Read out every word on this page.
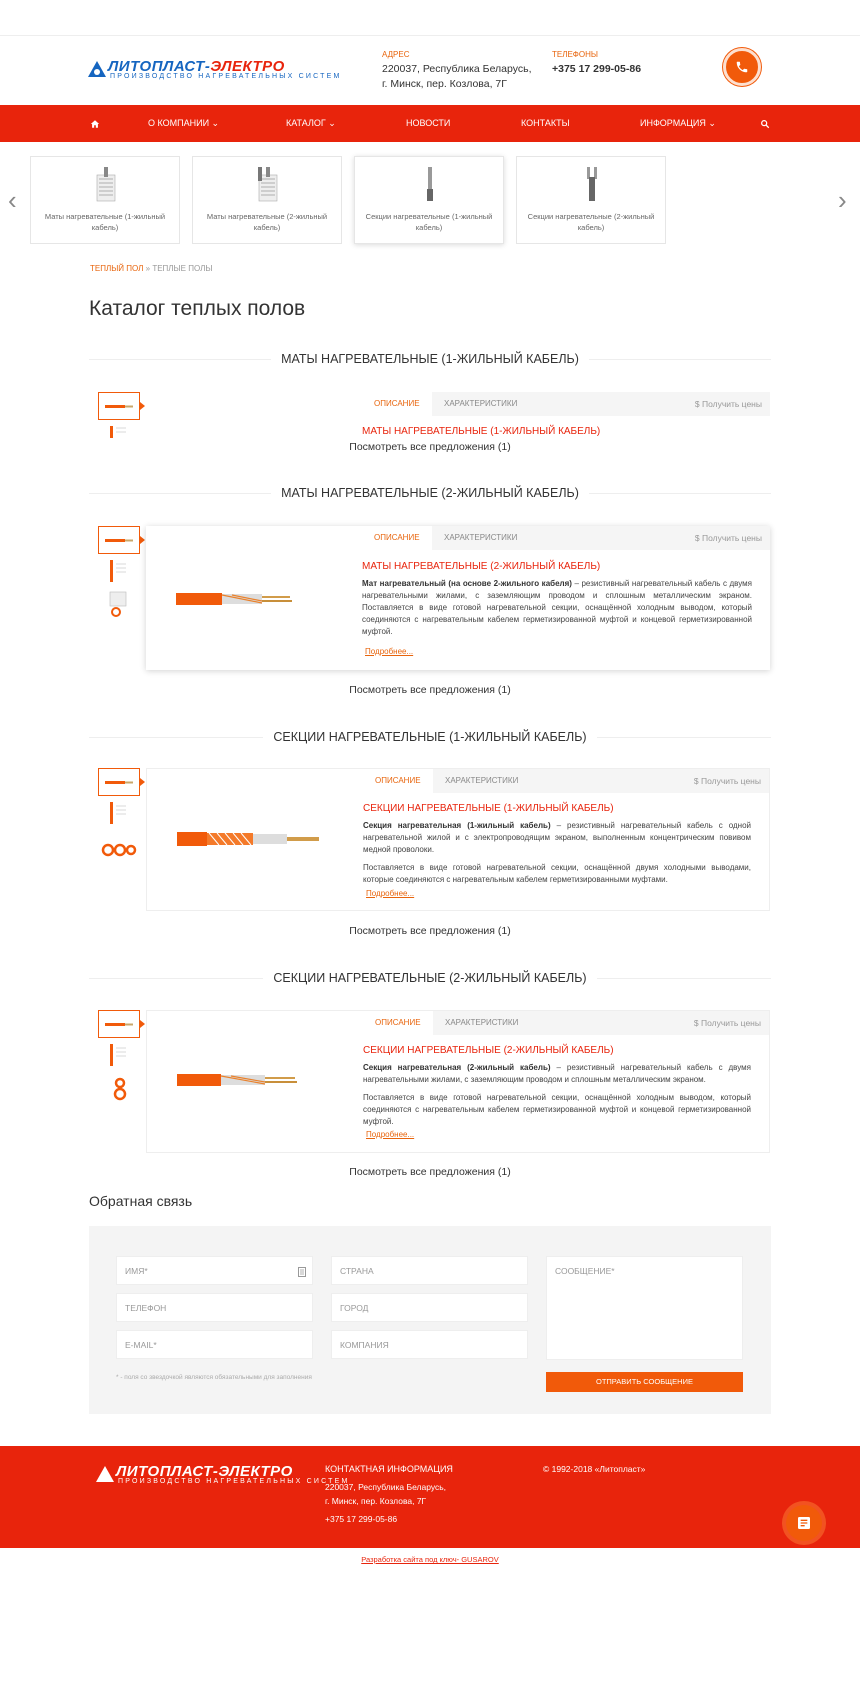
ЛИТОПЛАСТ-ЭЛЕКТРО
ПРОИЗВОДСТВО НАГРЕВАТЕЛЬНЫХ СИСТЕМ
АДРЕС
220037, Республика Беларусь,
г. Минск, пер. Козлова, 7Г
ТЕЛЕФОНЫ
+375 17 299-05-86
О КОМПАНИИ ⌄	КАТАЛОГ ⌄	НОВОСТИ	КОНТАКТЫ	ИНФОРМАЦИЯ ⌄
‹	›
Маты нагревательные (1-жильный кабель)
Маты нагревательные (2-жильный кабель)
Секции нагревательные (1-жильный кабель)
Секции нагревательные (2-жильный кабель)
ТЕПЛЫЙ ПОЛ » ТЕПЛЫЕ ПОЛЫ
Каталог теплых полов
МАТЫ НАГРЕВАТЕЛЬНЫЕ (1-ЖИЛЬНЫЙ КАБЕЛЬ)
ОПИСАНИЕ	ХАРАКТЕРИСТИКИ	$ Получить цены
МАТЫ НАГРЕВАТЕЛЬНЫЕ (1-ЖИЛЬНЫЙ КАБЕЛЬ)
Посмотреть все предложения (1)
МАТЫ НАГРЕВАТЕЛЬНЫЕ (2-ЖИЛЬНЫЙ КАБЕЛЬ)
ОПИСАНИЕ	ХАРАКТЕРИСТИКИ	$ Получить цены
МАТЫ НАГРЕВАТЕЛЬНЫЕ (2-ЖИЛЬНЫЙ КАБЕЛЬ)
Мат нагревательный (на основе 2-жильного кабеля) – резистивный нагревательный кабель с двумя нагревательными жилами, с заземляющим проводом и сплошным металлическим экраном. Поставляется в виде готовой нагревательной секции, оснащённой холодным выводом, который соединяются с нагревательным кабелем герметизированной муфтой и концевой герметизированной муфтой.
Подробнее...
Посмотреть все предложения (1)
СЕКЦИИ НАГРЕВАТЕЛЬНЫЕ (1-ЖИЛЬНЫЙ КАБЕЛЬ)
ОПИСАНИЕ	ХАРАКТЕРИСТИКИ	$ Получить цены
СЕКЦИИ НАГРЕВАТЕЛЬНЫЕ (1-ЖИЛЬНЫЙ КАБЕЛЬ)
Секция нагревательная (1-жильный кабель) – резистивный нагревательный кабель с одной нагревательной жилой и с электропроводящим экраном, выполненным концентрическим повивом медной проволоки.
Поставляется в виде готовой нагревательной секции, оснащённой двумя холодными выводами, которые соединяются с нагревательным кабелем герметизированными муфтами.
Подробнее...
Посмотреть все предложения (1)
СЕКЦИИ НАГРЕВАТЕЛЬНЫЕ (2-ЖИЛЬНЫЙ КАБЕЛЬ)
ОПИСАНИЕ	ХАРАКТЕРИСТИКИ	$ Получить цены
СЕКЦИИ НАГРЕВАТЕЛЬНЫЕ (2-ЖИЛЬНЫЙ КАБЕЛЬ)
Секция нагревательная (2-жильный кабель) – резистивный нагревательный кабель с двумя нагревательными жилами, с заземляющим проводом и сплошным металлическим экраном.
Поставляется в виде готовой нагревательной секции, оснащённой холодным выводом, который соединяются с нагревательным кабелем герметизированной муфтой и концевой герметизированной муфтой.
Подробнее...
Посмотреть все предложения (1)
Обратная связь
ИМЯ*
ТЕЛЕФОН
E-MAIL*
СТРАНА
ГОРОД
КОМПАНИЯ
СООБЩЕНИЕ*
* - поля со звездочкой являются обязательными для заполнения	ОТПРАВИТЬ СООБЩЕНИЕ
ЛИТОПЛАСТ-ЭЛЕКТРО
ПРОИЗВОДСТВО НАГРЕВАТЕЛЬНЫХ СИСТЕМ
КОНТАКТНАЯ ИНФОРМАЦИЯ
220037, Республика Беларусь,
г. Минск, пер. Козлова, 7Г
+375 17 299-05-86
© 1992-2018 «Литопласт»
Разработка сайта под ключ- GUSAROV
